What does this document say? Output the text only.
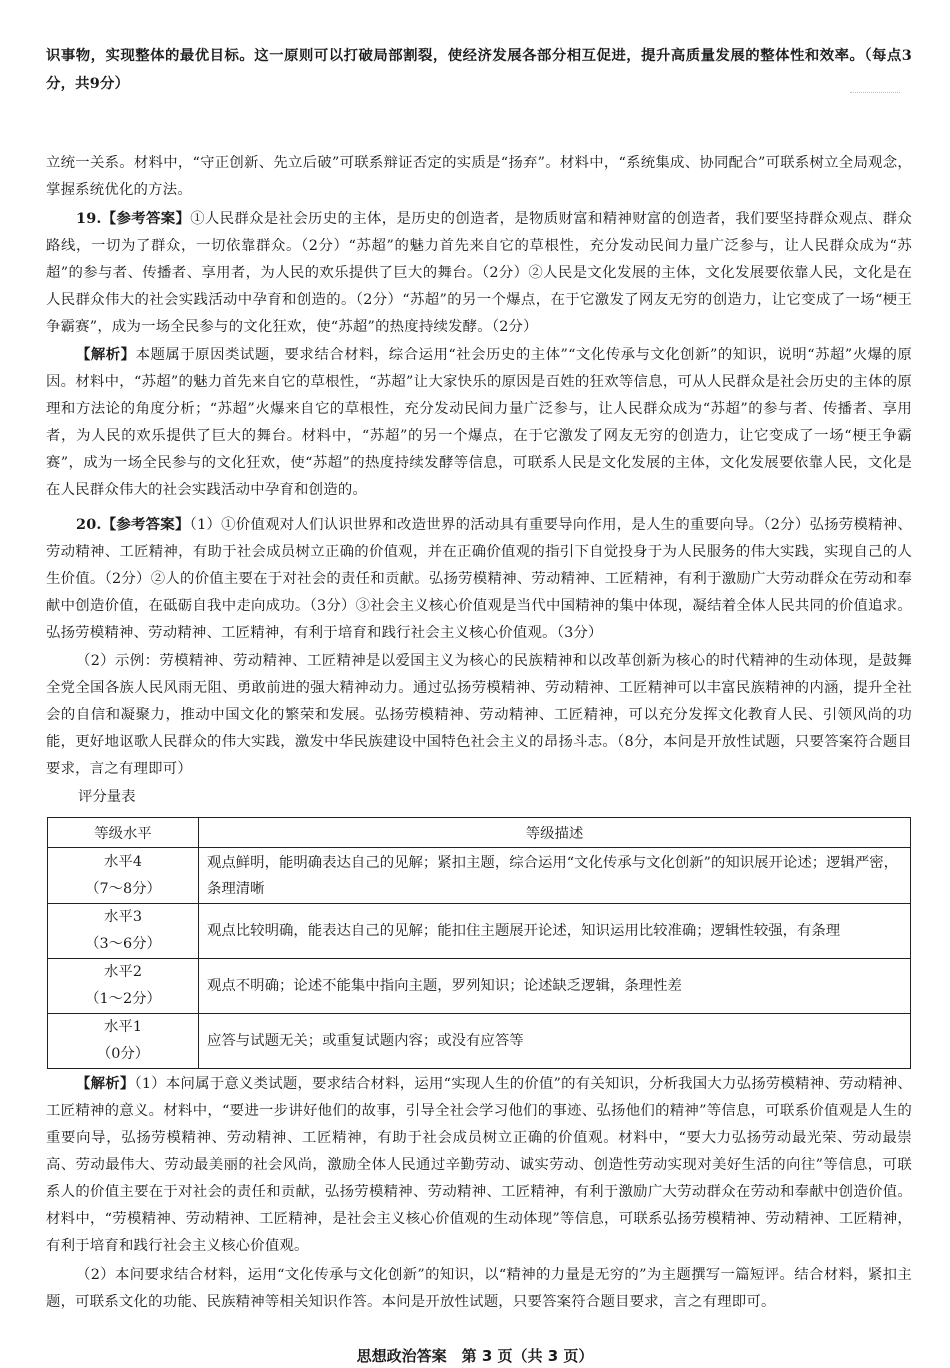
识事物，实现整体的最优目标。这一原则可以打破局部割裂，使经济发展各部分相互促进，提升高质量发展的整体性和效率。（每点3分，共9分）

立统一关系。材料中，“守正创新、先立后破”可联系辩证否定的实质是“扬弃”。材料中，“系统集成、协同配合”可联系树立全局观念，掌握系统优化的方法。

19.【参考答案】①人民群众是社会历史的主体，是历史的创造者，是物质财富和精神财富的创造者，我们要坚持群众观点、群众路线，一切为了群众，一切依靠群众。（2分）“苏超”的魅力首先来自它的草根性，充分发动民间力量广泛参与，让人民群众成为“苏超”的参与者、传播者、享用者，为人民的欢乐提供了巨大的舞台。（2分）②人民是文化发展的主体，文化发展要依靠人民，文化是在人民群众伟大的社会实践活动中孕育和创造的。（2分）“苏超”的另一个爆点，在于它激发了网友无穷的创造力，让它变成了一场“梗王争霸赛”，成为一场全民参与的文化狂欢，使“苏超”的热度持续发酵。（2分）

【解析】本题属于原因类试题，要求结合材料，综合运用“社会历史的主体”“文化传承与文化创新”的知识，说明“苏超”火爆的原因。材料中，“苏超”的魅力首先来自它的草根性，“苏超”让大家快乐的原因是百姓的狂欢等信息，可从人民群众是社会历史的主体的原理和方法论的角度分析；“苏超”火爆来自它的草根性，充分发动民间力量广泛参与，让人民群众成为“苏超”的参与者、传播者、享用者，为人民的欢乐提供了巨大的舞台。材料中，“苏超”的另一个爆点，在于它激发了网友无穷的创造力，让它变成了一场“梗王争霸赛”，成为一场全民参与的文化狂欢，使“苏超”的热度持续发酵等信息，可联系人民是文化发展的主体，文化发展要依靠人民，文化是在人民群众伟大的社会实践活动中孕育和创造的。

20.【参考答案】（1）①价值观对人们认识世界和改造世界的活动具有重要导向作用，是人生的重要向导。（2分）弘扬劳模精神、劳动精神、工匠精神，有助于社会成员树立正确的价值观，并在正确价值观的指引下自觉投身于为人民服务的伟大实践，实现自己的人生价值。（2分）②人的价值主要在于对社会的责任和贡献。弘扬劳模精神、劳动精神、工匠精神，有利于激励广大劳动群众在劳动和奉献中创造价值，在砥砺自我中走向成功。（3分）③社会主义核心价值观是当代中国精神的集中体现，凝结着全体人民共同的价值追求。弘扬劳模精神、劳动精神、工匠精神，有利于培育和践行社会主义核心价值观。（3分）

（2）示例：劳模精神、劳动精神、工匠精神是以爱国主义为核心的民族精神和以改革创新为核心的时代精神的生动体现，是鼓舞全党全国各族人民风雨无阻、勇敢前进的强大精神动力。通过弘扬劳模精神、劳动精神、工匠精神可以丰富民族精神的内涵，提升全社会的自信和凝聚力，推动中国文化的繁荣和发展。弘扬劳模精神、劳动精神、工匠精神，可以充分发挥文化教育人民、引领风尚的功能，更好地讴歌人民群众的伟大实践，激发中华民族建设中国特色社会主义的昂扬斗志。（8分，本问是开放性试题，只要答案符合题目要求，言之有理即可）

评分量表
等级水平	等级描述

水平4
（7～8分）	观点鲜明，能明确表达自己的见解；紧扣主题，综合运用“文化传承与文化创新”的知识展开论述；逻辑严密，条理清晰

水平3
（3～6分）	观点比较明确，能表达自己的见解；能扣住主题展开论述，知识运用比较准确；逻辑性较强，有条理

水平2
（1～2分）	观点不明确；论述不能集中指向主题，罗列知识；论述缺乏逻辑，条理性差

水平1
（0分）	应答与试题无关；或重复试题内容；或没有应答等

【解析】（1）本问属于意义类试题，要求结合材料，运用“实现人生的价值”的有关知识，分析我国大力弘扬劳模精神、劳动精神、工匠精神的意义。材料中，“要进一步讲好他们的故事，引导全社会学习他们的事迹、弘扬他们的精神”等信息，可联系价值观是人生的重要向导，弘扬劳模精神、劳动精神、工匠精神，有助于社会成员树立正确的价值观。材料中，“要大力弘扬劳动最光荣、劳动最崇高、劳动最伟大、劳动最美丽的社会风尚，激励全体人民通过辛勤劳动、诚实劳动、创造性劳动实现对美好生活的向往”等信息，可联系人的价值主要在于对社会的责任和贡献，弘扬劳模精神、劳动精神、工匠精神，有利于激励广大劳动群众在劳动和奉献中创造价值。材料中，“劳模精神、劳动精神、工匠精神，是社会主义核心价值观的生动体现”等信息，可联系弘扬劳模精神、劳动精神、工匠精神，有利于培育和践行社会主义核心价值观。

（2）本问要求结合材料，运用“文化传承与文化创新”的知识，以“精神的力量是无穷的”为主题撰写一篇短评。结合材料，紧扣主题，可联系文化的功能、民族精神等相关知识作答。本问是开放性试题，只要答案符合题目要求，言之有理即可。

思想政治答案　第 3 页（共 3 页）
